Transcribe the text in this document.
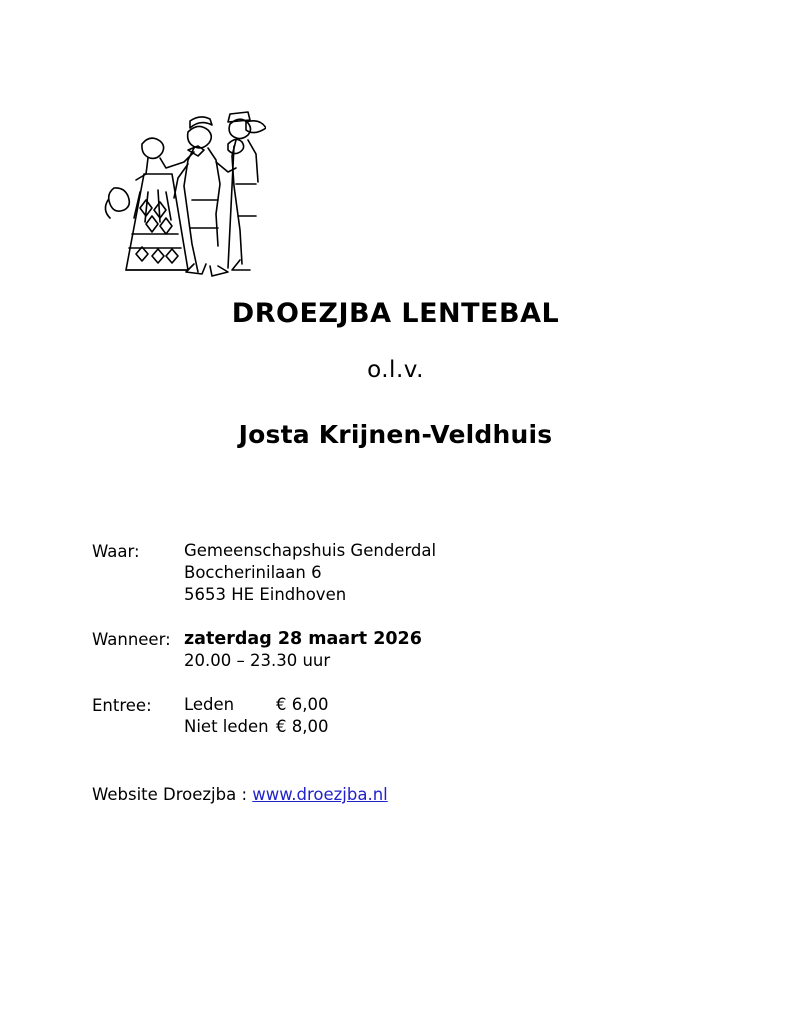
DROEZJBA LENTEBAL
o.l.v.
Josta Krijnen-Veldhuis
Waar:	Gemeenschapshuis Genderdal
Boccherinilaan 6
5653 HE Eindhoven
Wanneer: zaterdag 28 maart 2026
20.00 – 23.30 uur
Entree:	Leden	€ 6,00
Niet leden € 8,00
Website Droezjba : www.droezjba.nl
